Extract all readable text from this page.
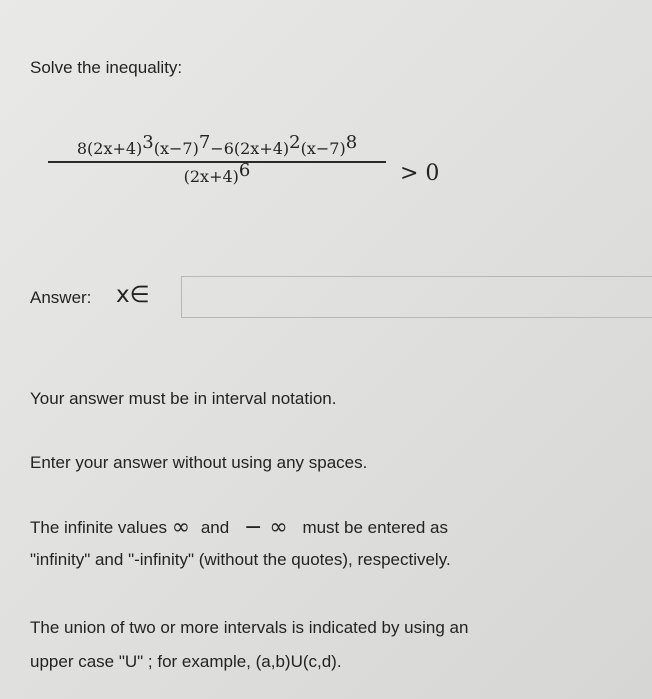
Solve the inequality:
$8(2x+4)^3(x-7)^7-6(2x+4)^2(x-7)^8$
$(2x+4)^6$	> 0
Answer: x∈
Your answer must be in interval notation.
Enter your answer without using any spaces.
The infinite values ∞ and − ∞ must be entered as
"infinity" and "-infinity" (without the quotes), respectively.
The union of two or more intervals is indicated by using an
upper case "U" ; for example, (a,b)U(c,d).
